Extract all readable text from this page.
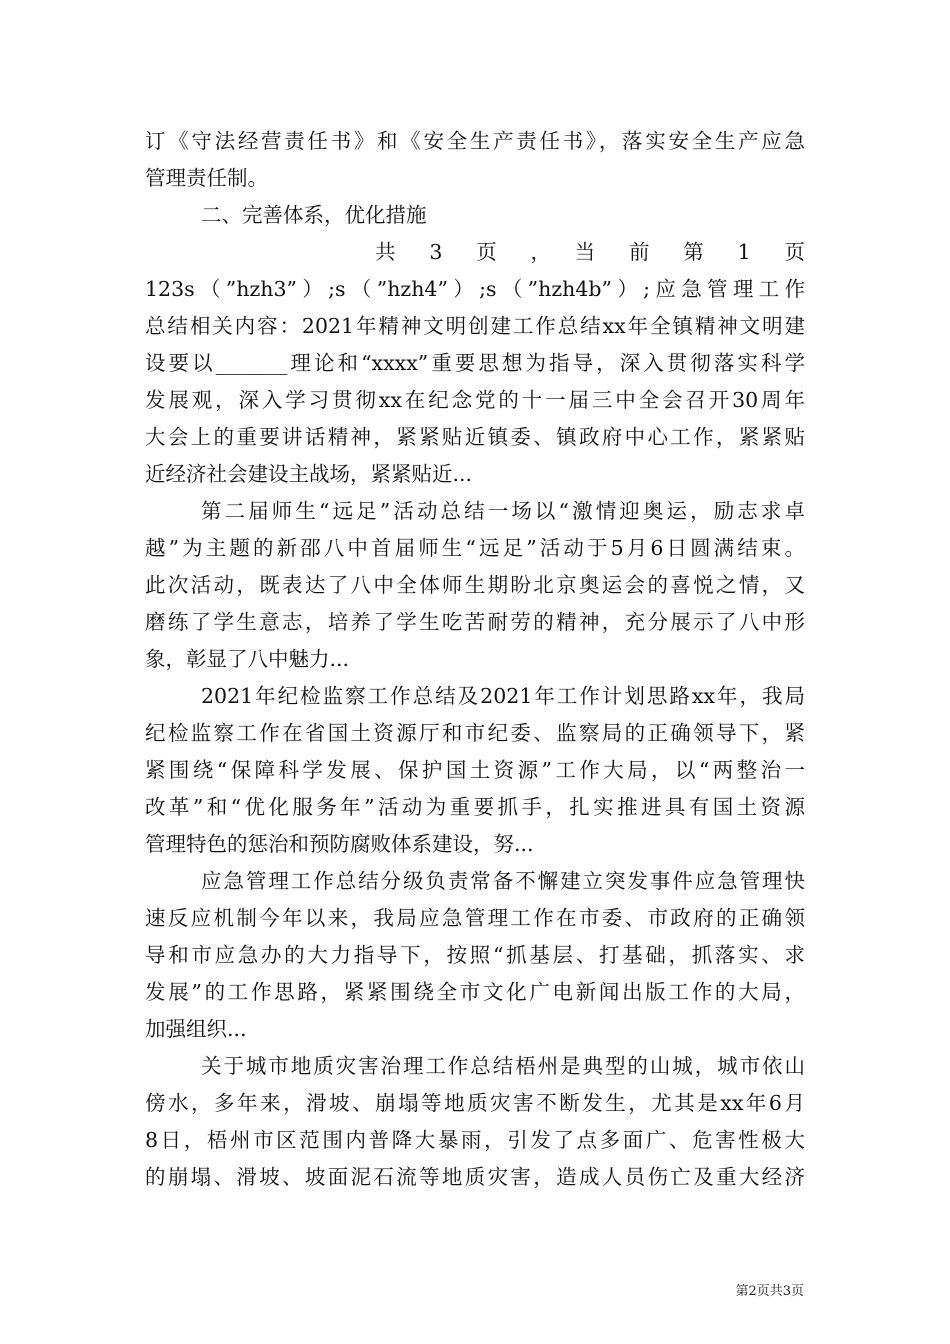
订《守法经营责任书》和《安全生产责任书》，落实安全生产应急
管理责任制。
二、完善体系，优化措施
共　3　页　，　当　前　第　1　页
123s（”hzh3”）;s（”hzh4”）;s（”hzh4b”）;应急管理工作
总结相关内容：2021年精神文明创建工作总结xx年全镇精神文明建
设要以_______理论和“xxxx”重要思想为指导，深入贯彻落实科学
发展观，深入学习贯彻xx在纪念党的十一届三中全会召开30周年
大会上的重要讲话精神，紧紧贴近镇委、镇政府中心工作，紧紧贴
近经济社会建设主战场，紧紧贴近...
第二届师生“远足”活动总结一场以“激情迎奥运，励志求卓
越”为主题的新邵八中首届师生“远足”活动于5月6日圆满结束。
此次活动，既表达了八中全体师生期盼北京奥运会的喜悦之情，又
磨练了学生意志，培养了学生吃苦耐劳的精神，充分展示了八中形
象，彰显了八中魅力...
2021年纪检监察工作总结及2021年工作计划思路xx年，我局
纪检监察工作在省国土资源厅和市纪委、监察局的正确领导下，紧
紧围绕“保障科学发展、保护国土资源”工作大局，以“两整治一
改革”和“优化服务年”活动为重要抓手，扎实推进具有国土资源
管理特色的惩治和预防腐败体系建设，努...
应急管理工作总结分级负责常备不懈建立突发事件应急管理快
速反应机制今年以来，我局应急管理工作在市委、市政府的正确领
导和市应急办的大力指导下，按照“抓基层、打基础，抓落实、求
发展”的工作思路，紧紧围绕全市文化广电新闻出版工作的大局，
加强组织...
关于城市地质灾害治理工作总结梧州是典型的山城，城市依山
傍水，多年来，滑坡、崩塌等地质灾害不断发生，尤其是xx年6月
8日，梧州市区范围内普降大暴雨，引发了点多面广、危害性极大
的崩塌、滑坡、坡面泥石流等地质灾害，造成人员伤亡及重大经济
第2页共3页
